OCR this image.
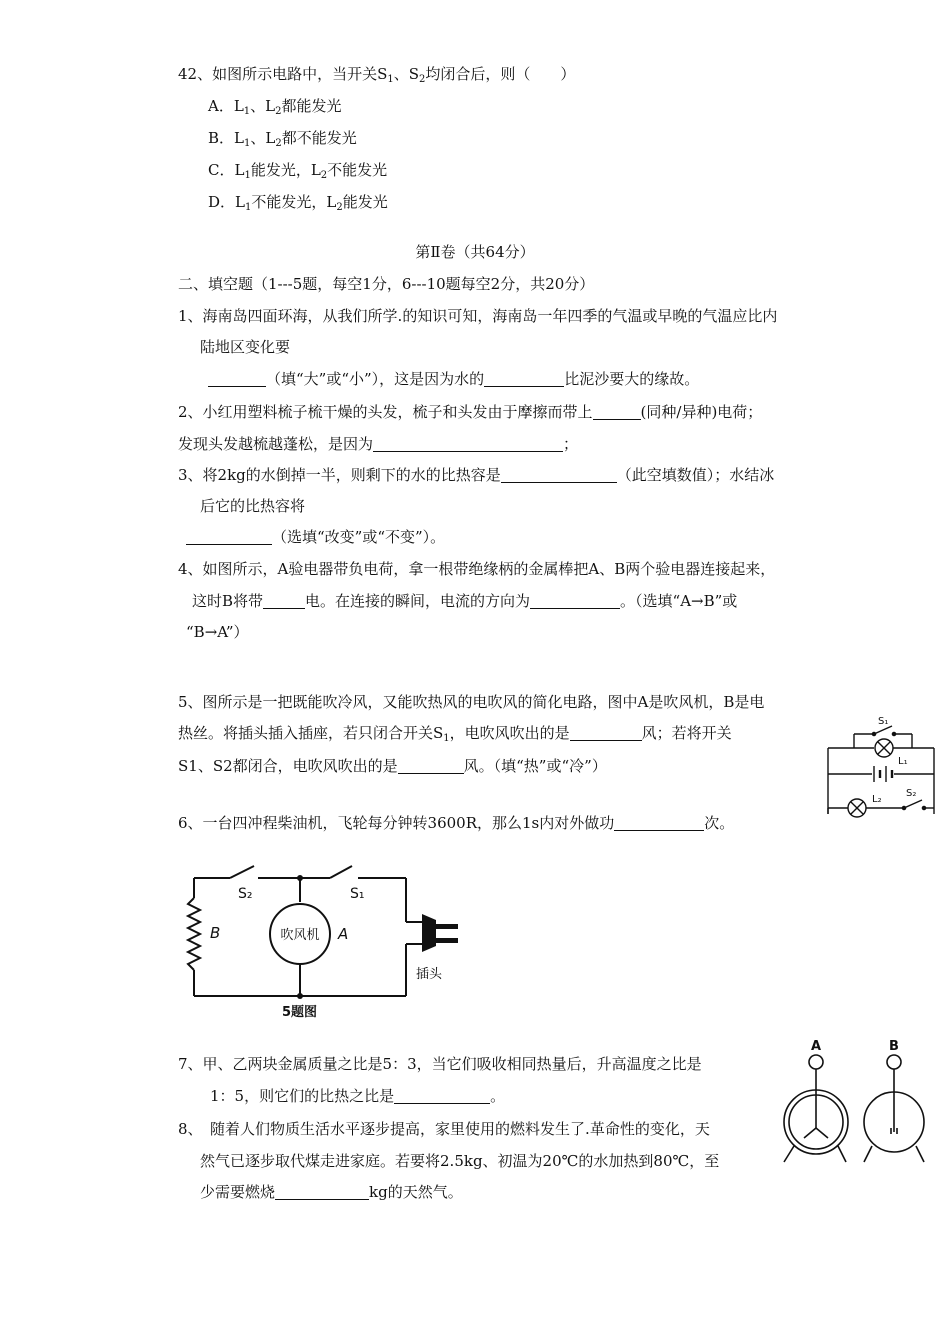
42、如图所示电路中，当开关$S_1$、$S_2$均闭合后，则（　　）
A．$L_1$、$L_2$都能发光
B．$L_1$、$L_2$都不能发光
C．$L_1$能发光，$L_2$不能发光
D．$L_1$不能发光，$L_2$能发光
第Ⅱ卷（共64分）
二、填空题（1---5题，每空1分，6---10题每空2分，共20分）
1、海南岛四面环海，从我们所学.的知识可知，海南岛一年四季的气温或早晚的气温应比内
陆地区变化要
（填“大”或“小”），这是因为水的	比泥沙要大的缘故。
2、小红用塑料梳子梳干燥的头发，梳子和头发由于摩擦而带上	(同种/异种)电荷；
发现头发越梳越蓬松，是因为	；
3、将2kg的水倒掉一半，则剩下的水的比热容是	（此空填数值）；水结冰
后它的比热容将
（选填“改变”或“不变”）。
4、如图所示，A验电器带负电荷，拿一根带绝缘柄的金属棒把A、B两个验电器连接起来，
这时B将带	电。在连接的瞬间，电流的方向为	。（选填“A→B”或
“B→A”）
5、图所示是一把既能吹冷风，又能吹热风的电吹风的简化电路，图中A是吹风机，B是电
热丝。将插头插入插座，若只闭合开关$S_1$，电吹风吹出的是	风；若将开关
S1、S2都闭合，电吹风吹出的是	风。（填“热”或“冷”）
6、一台四冲程柴油机，飞轮每分钟转3600R，那么1s内对外做功	次。
7、甲、乙两块金属质量之比是5：3，当它们吸收相同热量后，升高温度之比是
1：5，则它们的比热之比是	。
8、　随着人们物质生活水平逐步提高，家里使用的燃料发生了.革命性的变化，天
然气已逐步取代煤走进家庭。若要将2.5kg、初温为20℃的水加热到80℃，至
少需要燃烧	kg的天然气。
S₁
L₁
L₂
S₂
S₂	S₁
B	A
吹风机
插头
5题图
A	B
